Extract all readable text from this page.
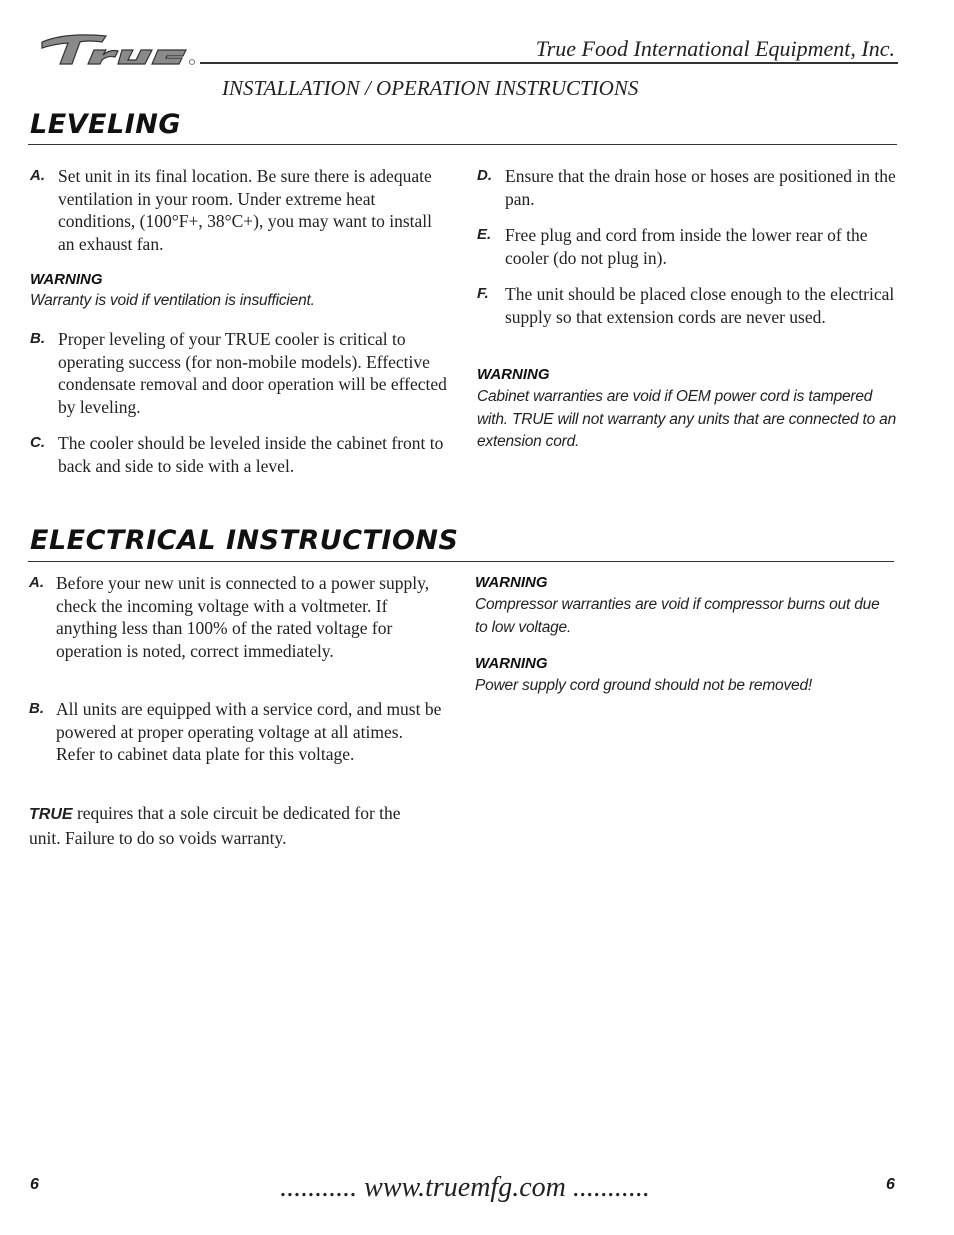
True Food International Equipment, Inc.
INSTALLATION / OPERATION INSTRUCTIONS
LEVELING
A. Set unit in its final location. Be sure there is adequate ventilation in your room. Under extreme heat conditions, (100°F+, 38°C+), you may want to install an exhaust fan.
WARNING
Warranty is void if ventilation is insufficient.
B. Proper leveling of your TRUE cooler is critical to operating success (for non-mobile models). Effective condensate removal and door operation will be effected by leveling.
C. The cooler should be leveled inside the cabinet front to back and side to side with a level.
D. Ensure that the drain hose or hoses are positioned in the pan.
E. Free plug and cord from inside the lower rear of the cooler (do not plug in).
F. The unit should be placed close enough to the electrical supply so that extension cords are never used.
WARNING
Cabinet warranties are void if OEM power cord is tampered with. TRUE will not warranty any units that are connected to an extension cord.
ELECTRICAL INSTRUCTIONS
A. Before your new unit is connected to a power supply, check the incoming voltage with a voltmeter. If anything less than 100% of the rated voltage for operation is noted, correct immediately.
B. All units are equipped with a service cord, and must be powered at proper operating voltage at all atimes. Refer to cabinet data plate for this voltage.
TRUE requires that a sole circuit be dedicated for the unit. Failure to do so voids warranty.
WARNING
Compressor warranties are void if compressor burns out due to low voltage.
WARNING
Power supply cord ground should not be removed!
6	........... www.truemfg.com ...........	6
